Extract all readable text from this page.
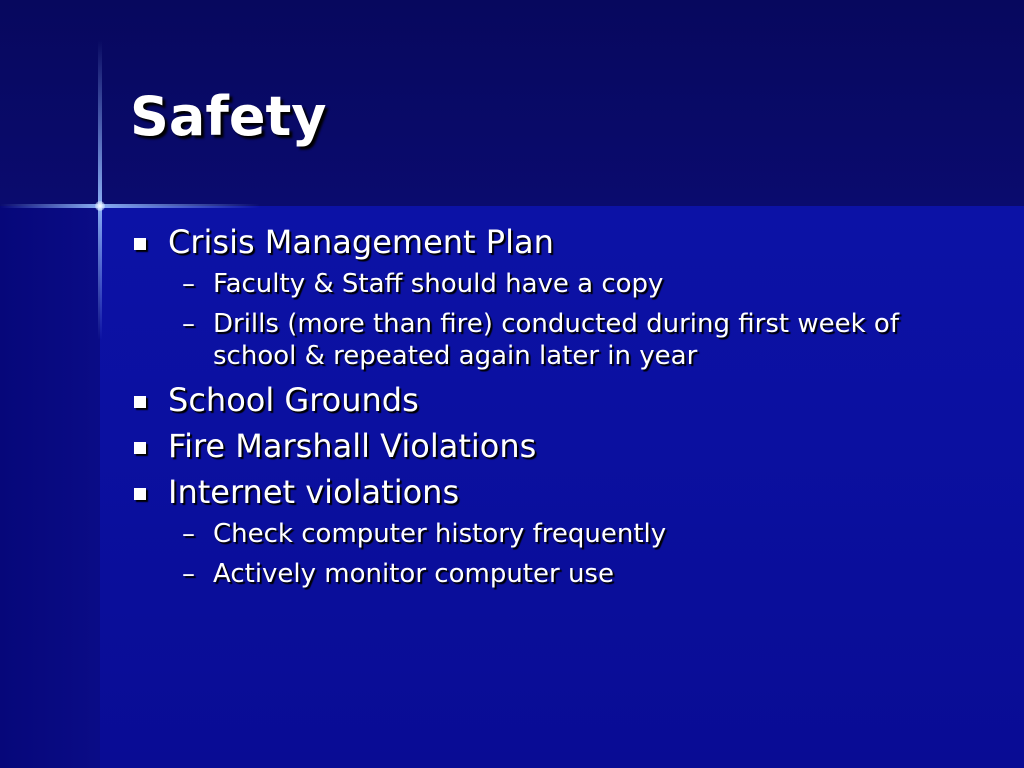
Safety
Crisis Management Plan
– Faculty & Staff should have a copy
– Drills (more than fire) conducted during first week of school & repeated again later in year
School Grounds
Fire Marshall Violations
Internet violations
– Check computer history frequently
– Actively monitor computer use
